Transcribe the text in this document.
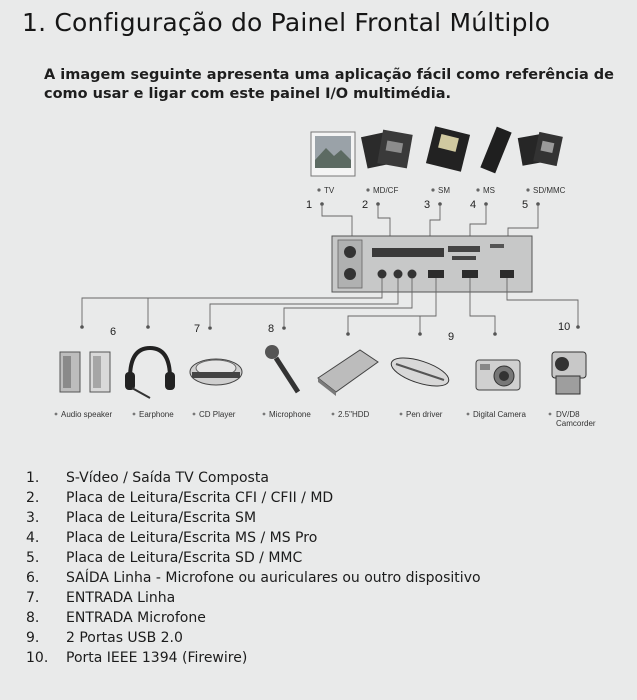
1. Configuração do Painel Frontal Múltiplo
A imagem seguinte apresenta uma aplicação fácil como referência de
como usar e ligar com este painel I/O multimédia.
TV	MD/CF	SM	MS	SD/MMC
1	2	3	4	5
6	7	8
9
10
Audio speaker	Earphone	CD Player	Microphone	2.5"HDD	Pen driver	Digital Camera	DV/D8
Camcorder
1.	S-Vídeo / Saída TV Composta
2.	Placa de Leitura/Escrita CFI / CFII / MD
3.	Placa de Leitura/Escrita SM
4.	Placa de Leitura/Escrita MS / MS Pro
5.	Placa de Leitura/Escrita SD / MMC
6.	SAÍDA Linha - Microfone ou auriculares ou outro dispositivo
7.	ENTRADA Linha
8.	ENTRADA Microfone
9.	2 Portas USB 2.0
10.	Porta IEEE 1394 (Firewire)
